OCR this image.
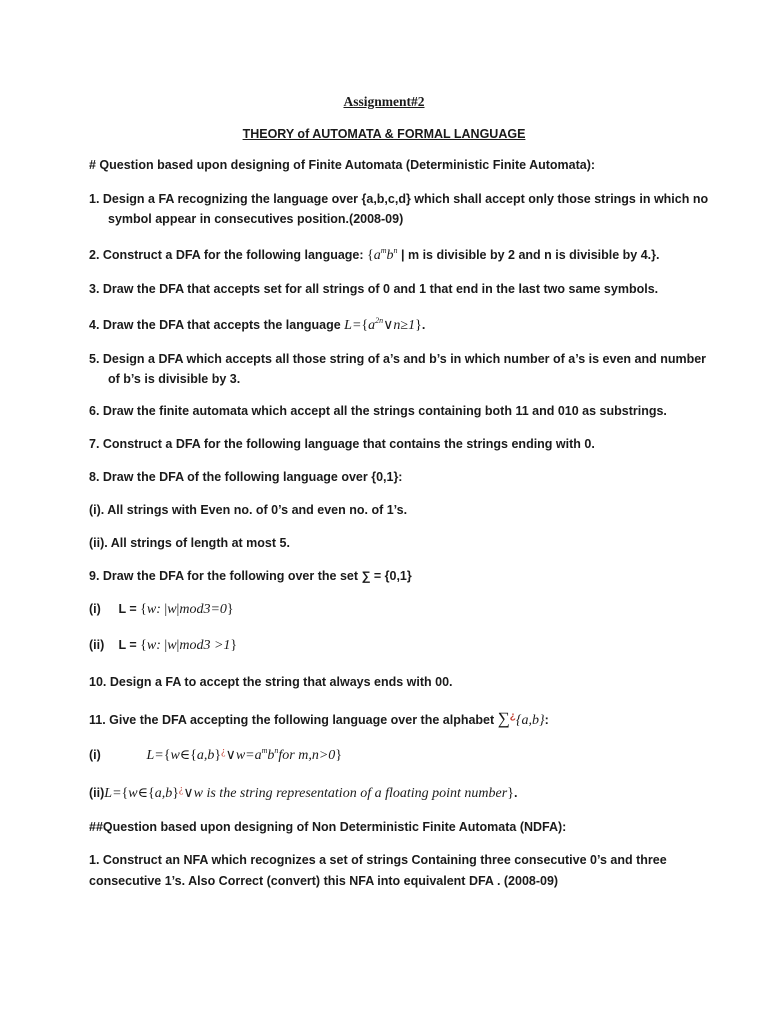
Assignment#2
THEORY of AUTOMATA & FORMAL LANGUAGE
# Question based upon designing of Finite Automata (Deterministic Finite Automata):
1. Design a FA recognizing the language over {a,b,c,d} which shall accept only those strings in which no
symbol appear in consecutives position.(2008-09)
2. Construct a DFA for the following language: {$a^mb^n$ | m is divisible by 2 and n is divisible by 4.}.
3. Draw the DFA that accepts set for all strings of 0 and 1 that end in the last two same symbols.
4. Draw the DFA that accepts the language $L=\{a^{2n}\vee n\ge 1\}$.
5. Design a DFA which accepts all those string of a’s and b’s in which number of a’s is even and number
of b’s is divisible by 3.
6. Draw the finite automata which accept all the strings containing both 11 and 010 as substrings.
7. Construct a DFA for the following language that contains the strings ending with 0.
8. Draw the DFA of the following language over {0,1}:
(i). All strings with Even no. of 0’s and even no. of 1’s.
(ii). All strings of length at most 5.
9. Draw the DFA for the following over the set ∑ = {0,1}
(i) L = {w: |w|mod3=0}
(ii) L = {w: |w|mod3 >1}
10. Design a FA to accept the string that always ends with 00.
11. Give the DFA accepting the following language over the alphabet ∑¿{a,b}:
(i)	$L=\{w\in\{a,b\}^¿\vee w=a^mb^nfor$ m,n>0}
(ii)L={w∈{a,b}¿∨w is the string representation of a floating point number}.
##Question based upon designing of Non Deterministic Finite Automata (NDFA):
1. Construct an NFA which recognizes a set of strings Containing three consecutive 0’s and three
consecutive 1’s. Also Correct (convert) this NFA into equivalent DFA . (2008-09)
